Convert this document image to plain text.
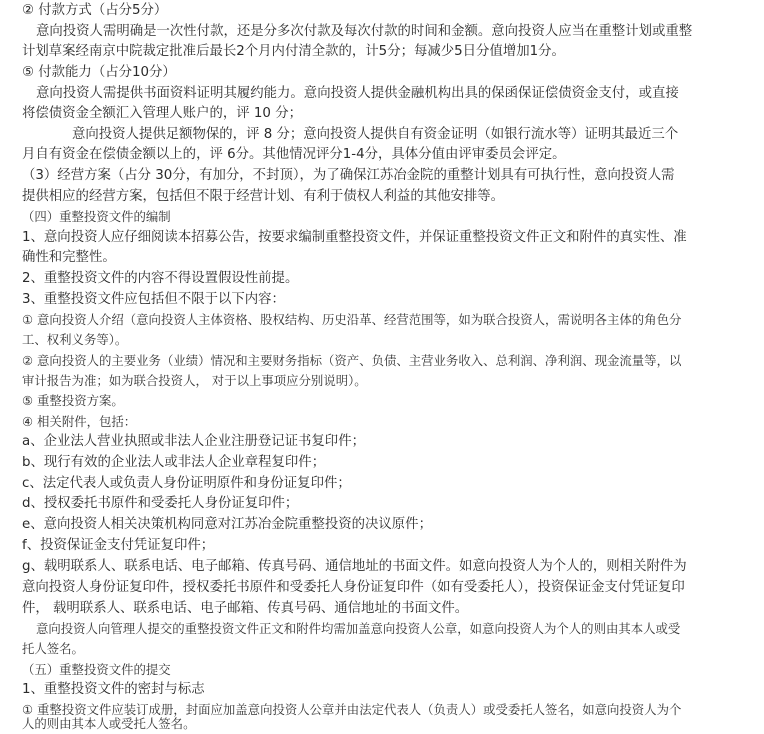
② 付款方式（占分5分）
意向投资人需明确是一次性付款，还是分多次付款及每次付款的时间和金额。意向投资人应当在重整计划或重整
计划草案经南京中院裁定批准后最长2个月内付清全款的，计5分；每减少5日分值增加1分。
⑤ 付款能力（占分10分）
意向投资人需提供书面资料证明其履约能力。意向投资人提供金融机构出具的保函保证偿债资金支付，或直接
将偿债资金全额汇入管理人账户的，评 10 分；
意向投资人提供足额物保的，评 8 分；意向投资人提供自有资金证明（如银行流水等）证明其最近三个
月自有资金在偿债金额以上的，评 6分。其他情况评分1-4分，具体分值由评审委员会评定。
（3）经营方案（占分 30分，有加分，不封顶），为了确保江苏冶金院的重整计划具有可执行性，意向投资人需
提供相应的经营方案，包括但不限于经营计划、有利于债权人利益的其他安排等。
（四）重整投资文件的编制
1、意向投资人应仔细阅读本招募公告，按要求编制重整投资文件，并保证重整投资文件正文和附件的真实性、准
确性和完整性。
2、重整投资文件的内容不得设置假设性前提。
3、重整投资文件应包括但不限于以下内容：
① 意向投资人介绍（意向投资人主体资格、股权结构、历史沿革、经营范围等，如为联合投资人，需说明各主体的角色分
工、权利义务等）。
② 意向投资人的主要业务（业绩）情况和主要财务指标（资产、负债、主营业务收入、总利润、净利润、现金流量等，以
审计报告为准；如为联合投资人， 对于以上事项应分别说明）。
⑤ 重整投资方案。
④ 相关附件，包括：
a、企业法人营业执照或非法人企业注册登记证书复印件；
b、现行有效的企业法人或非法人企业章程复印件；
c、法定代表人或负责人身份证明原件和身份证复印件；
d、授权委托书原件和受委托人身份证复印件；
e、意向投资人相关决策机构同意对江苏冶金院重整投资的决议原件；
f、投资保证金支付凭证复印件；
g、载明联系人、联系电话、电子邮箱、传真号码、通信地址的书面文件。如意向投资人为个人的，则相关附件为
意向投资人身份证复印件，授权委托书原件和受委托人身份证复印件（如有受委托人），投资保证金支付凭证复印
件， 载明联系人、联系电话、电子邮箱、传真号码、通信地址的书面文件。
意向投资人向管理人提交的重整投资文件正文和附件均需加盖意向投资人公章，如意向投资人为个人的则由其本人或受
托人签名。
（五）重整投资文件的提交
1、重整投资文件的密封与标志
① 重整投资文件应装订成册，封面应加盖意向投资人公章并由法定代表人（负责人）或受委托人签名，如意向投资人为个
人的则由其本人或受托人签名。
